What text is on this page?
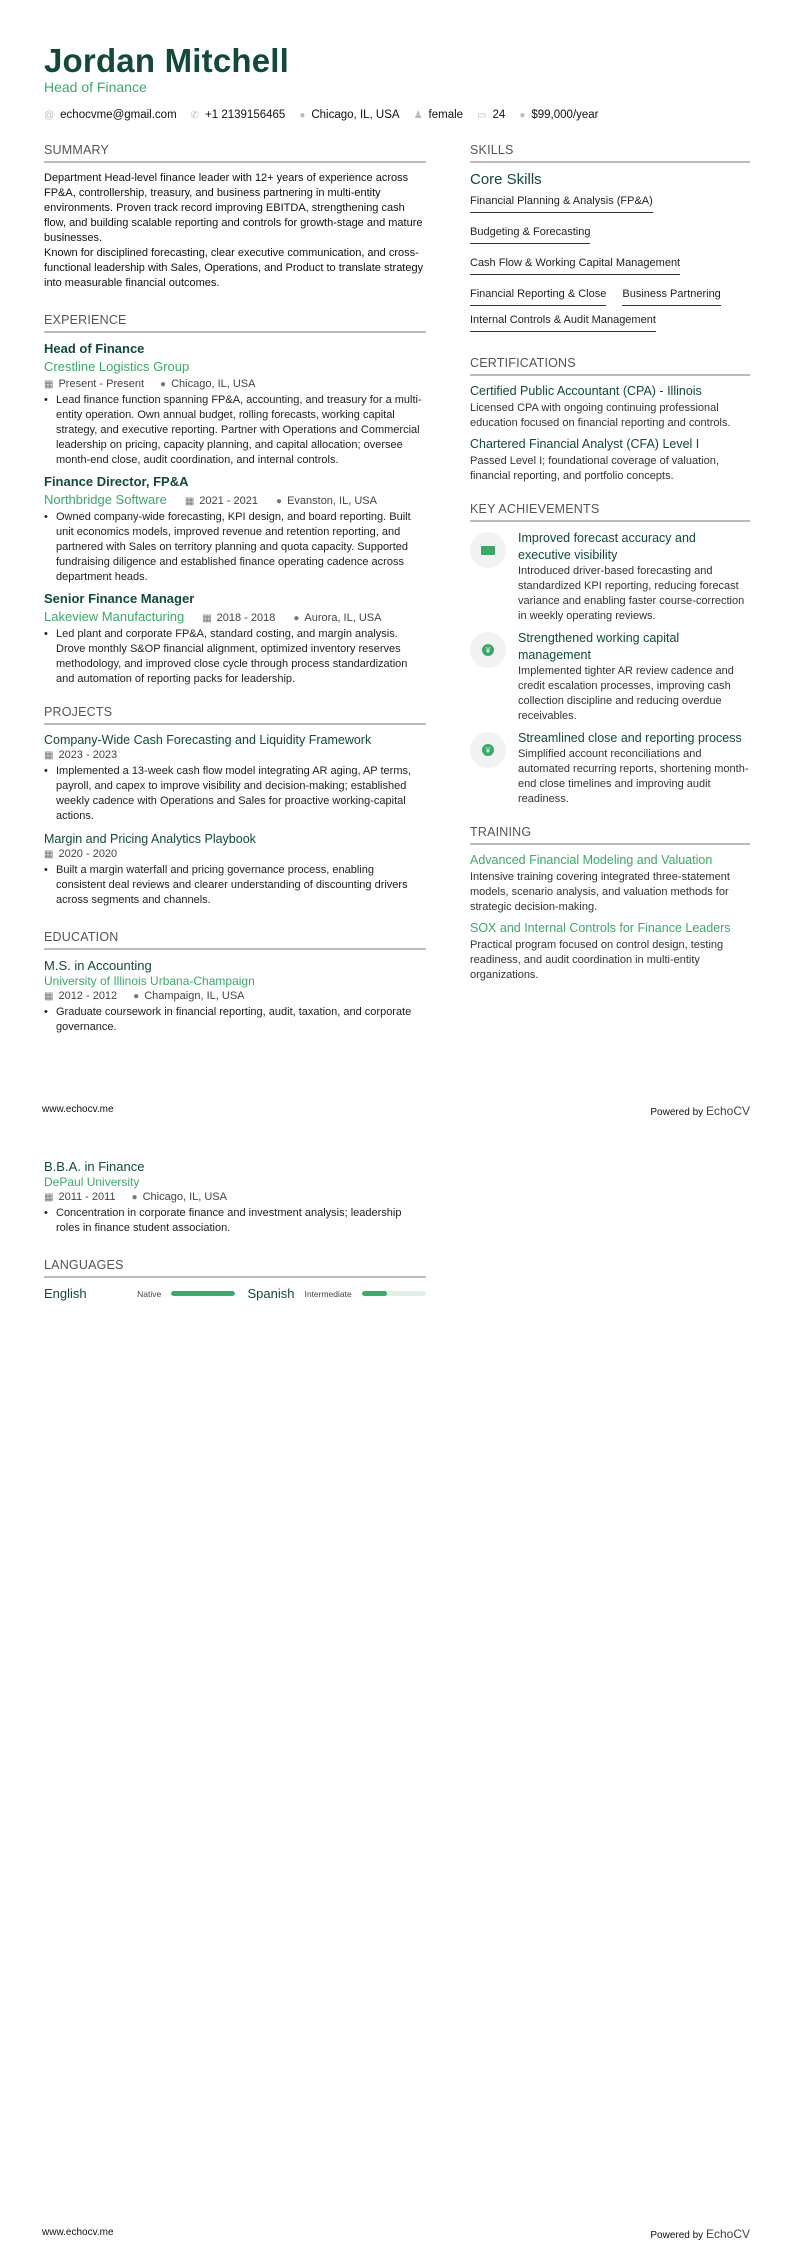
Jordan Mitchell
Head of Finance
@ echocvme@gmail.com ✆ +1 2139156465 ● Chicago, IL, USA ♟ female ▭ 24 ● $99,000/year
SUMMARY

Department Head-level finance leader with 12+ years of experience across FP&A, controllership, treasury, and business partnering in multi-entity environments. Proven track record improving EBITDA, strengthening cash flow, and building scalable reporting and controls for growth-stage and mature businesses.

Known for disciplined forecasting, clear executive communication, and cross-functional leadership with Sales, Operations, and Product to translate strategy into measurable financial outcomes.

EXPERIENCE
Head of Finance
Crestline Logistics Group
▦ Present - Present ● Chicago, IL, USA
• Lead finance function spanning FP&A, accounting, and treasury for a multi-entity operation. Own annual budget, rolling forecasts, working capital strategy, and executive reporting. Partner with Operations and Commercial leadership on pricing, capacity planning, and capital allocation; oversee month-end close, audit coordination, and internal controls.
Finance Director, FP&A
Northbridge Software ▦ 2021 - 2021 ● Evanston, IL, USA
• Owned company-wide forecasting, KPI design, and board reporting. Built unit economics models, improved revenue and retention reporting, and partnered with Sales on territory planning and quota capacity. Supported fundraising diligence and established finance operating cadence across department heads.
Senior Finance Manager
Lakeview Manufacturing ▦ 2018 - 2018 ● Aurora, IL, USA
• Led plant and corporate FP&A, standard costing, and margin analysis. Drove monthly S&OP financial alignment, optimized inventory reserves methodology, and improved close cycle through process standardization and automation of reporting packs for leadership.
PROJECTS
Company-Wide Cash Forecasting and Liquidity Framework
▦ 2023 - 2023
• Implemented a 13-week cash flow model integrating AR aging, AP terms, payroll, and capex to improve visibility and decision-making; established weekly cadence with Operations and Sales for proactive working-capital actions.
Margin and Pricing Analytics Playbook
▦ 2020 - 2020
• Built a margin waterfall and pricing governance process, enabling consistent deal reviews and clearer understanding of discounting drivers across segments and channels.
EDUCATION
M.S. in Accounting
University of Illinois Urbana-Champaign
▦ 2012 - 2012 ● Champaign, IL, USA
• Graduate coursework in financial reporting, audit, taxation, and corporate governance.
SKILLS
Core Skills
Financial Planning & Analysis (FP&A)
Budgeting & Forecasting
Cash Flow & Working Capital Management
Financial Reporting & Close Business Partnering
Internal Controls & Audit Management
CERTIFICATIONS
Certified Public Accountant (CPA) - Illinois
Licensed CPA with ongoing continuing professional education focused on financial reporting and controls.
Chartered Financial Analyst (CFA) Level I
Passed Level I; foundational coverage of valuation, financial reporting, and portfolio concepts.
KEY ACHIEVEMENTS
Improved forecast accuracy and executive visibility
Introduced driver-based forecasting and standardized KPI reporting, reducing forecast variance and enabling faster course-correction in weekly operating reviews.
¥
Strengthened working capital management
Implemented tighter AR review cadence and credit escalation processes, improving cash collection discipline and reducing overdue receivables.
¥
Streamlined close and reporting process
Simplified account reconciliations and automated recurring reports, shortening month-end close timelines and improving audit readiness.
TRAINING
Advanced Financial Modeling and Valuation
Intensive training covering integrated three-statement models, scenario analysis, and valuation methods for strategic decision-making.
SOX and Internal Controls for Finance Leaders
Practical program focused on control design, testing readiness, and audit coordination in multi-entity organizations.
www.echocv.me	Powered by EchoCV
B.B.A. in Finance
DePaul University
▦ 2011 - 2011 ● Chicago, IL, USA
• Concentration in corporate finance and investment analysis; leadership roles in finance student association.
LANGUAGES
English	Native	Spanish Intermediate
www.echocv.me	Powered by EchoCV
